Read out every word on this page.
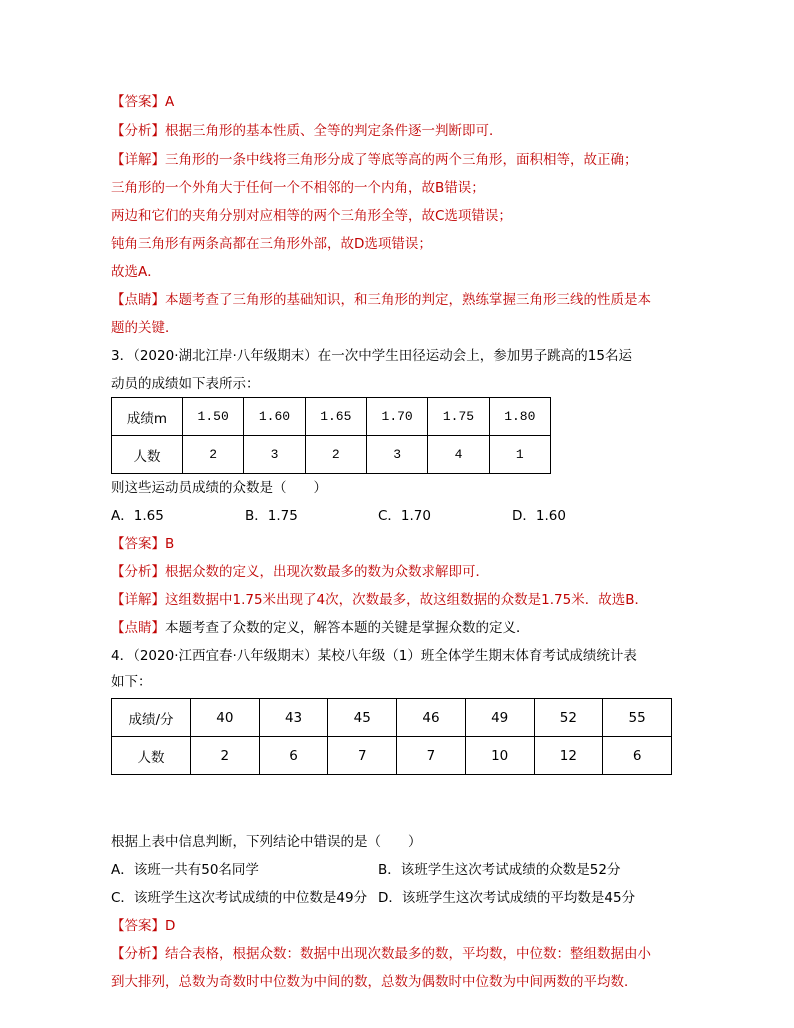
【答案】A
【分析】根据三角形的基本性质、全等的判定条件逐一判断即可．
【详解】三角形的一条中线将三角形分成了等底等高的两个三角形，面积相等，故正确；
三角形的一个外角大于任何一个不相邻的一个内角，故B错误；
两边和它们的夹角分别对应相等的两个三角形全等，故C选项错误；
钝角三角形有两条高都在三角形外部，故D选项错误；
故选A．
【点睛】本题考查了三角形的基础知识，和三角形的判定，熟练掌握三角形三线的性质是本
题的关键．
3．（2020·湖北江岸·八年级期末）在一次中学生田径运动会上，参加男子跳高的15名运
动员的成绩如下表所示：
成绩m	1.50	1.60	1.65	1.70	1.75	1.80
人数	2	3	2	3	4	1
则这些运动员成绩的众数是（　　）
A．1.65	B．1.75	C．1.70	D．1.60
【答案】B
【分析】根据众数的定义，出现次数最多的数为众数求解即可．
【详解】这组数据中1.75米出现了4次，次数最多，故这组数据的众数是1.75米．故选B．
【点睛】本题考查了众数的定义，解答本题的关键是掌握众数的定义．
4．（2020·江西宜春·八年级期末）某校八年级（1）班全体学生期末体育考试成绩统计表
如下：
成绩/分	40	43	45	46	49	52	55
人数	2	6	7	7	10	12	6
根据上表中信息判断，下列结论中错误的是（　　）
A．该班一共有50名同学	B．该班学生这次考试成绩的众数是52分
C．该班学生这次考试成绩的中位数是49分 D．该班学生这次考试成绩的平均数是45分
【答案】D
【分析】结合表格，根据众数：数据中出现次数最多的数，平均数，中位数：整组数据由小
到大排列，总数为奇数时中位数为中间的数，总数为偶数时中位数为中间两数的平均数．
